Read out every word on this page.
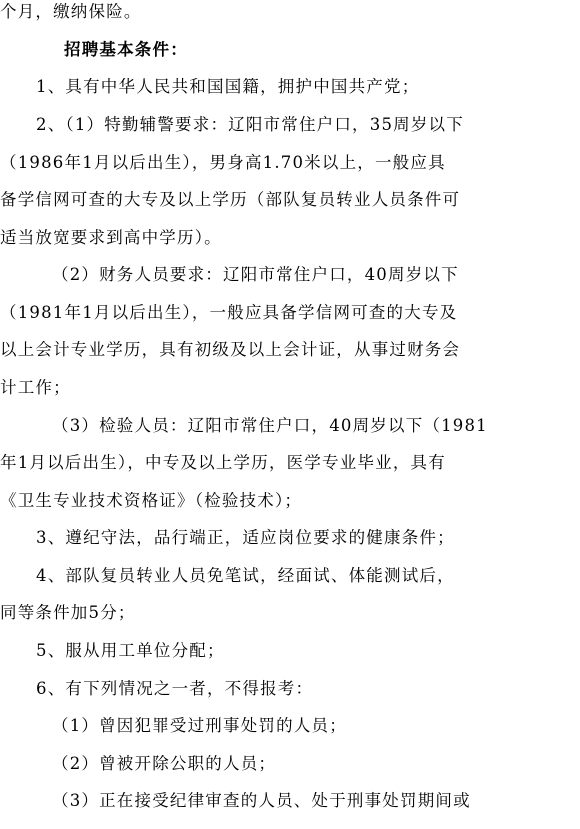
个月，缴纳保险。
招聘基本条件：
1、具有中华人民共和国国籍，拥护中国共产党；
2、（1）特勤辅警要求：辽阳市常住户口，35周岁以下
（1986年1月以后出生），男身高1.70米以上，一般应具
备学信网可查的大专及以上学历（部队复员转业人员条件可
适当放宽要求到高中学历）。
（2）财务人员要求：辽阳市常住户口，40周岁以下
（1981年1月以后出生），一般应具备学信网可查的大专及
以上会计专业学历，具有初级及以上会计证，从事过财务会
计工作；
（3）检验人员：辽阳市常住户口，40周岁以下（1981
年1月以后出生），中专及以上学历，医学专业毕业，具有
《卫生专业技术资格证》（检验技术）；
3、遵纪守法，品行端正，适应岗位要求的健康条件；
4、部队复员转业人员免笔试，经面试、体能测试后，
同等条件加5分；
5、服从用工单位分配；
6、有下列情况之一者，不得报考：
（1）曾因犯罪受过刑事处罚的人员；
（2）曾被开除公职的人员；
（3）正在接受纪律审查的人员、处于刑事处罚期间或
